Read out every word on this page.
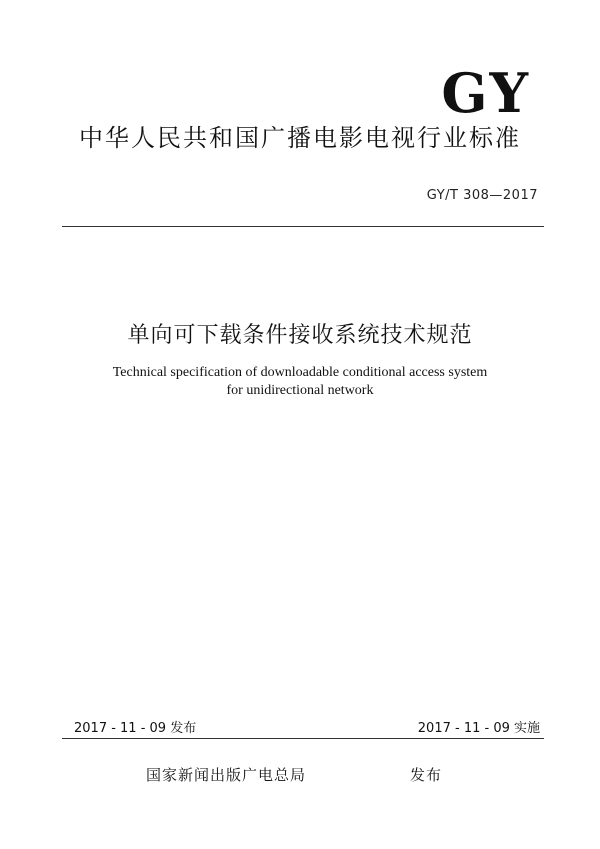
GY
中华人民共和国广播电影电视行业标准
GY/T 308—2017
单向可下载条件接收系统技术规范
Technical specification of downloadable conditional access system
for unidirectional network
2017 - 11 - 09 发布	2017 - 11 - 09 实施
国家新闻出版广电总局	发布
